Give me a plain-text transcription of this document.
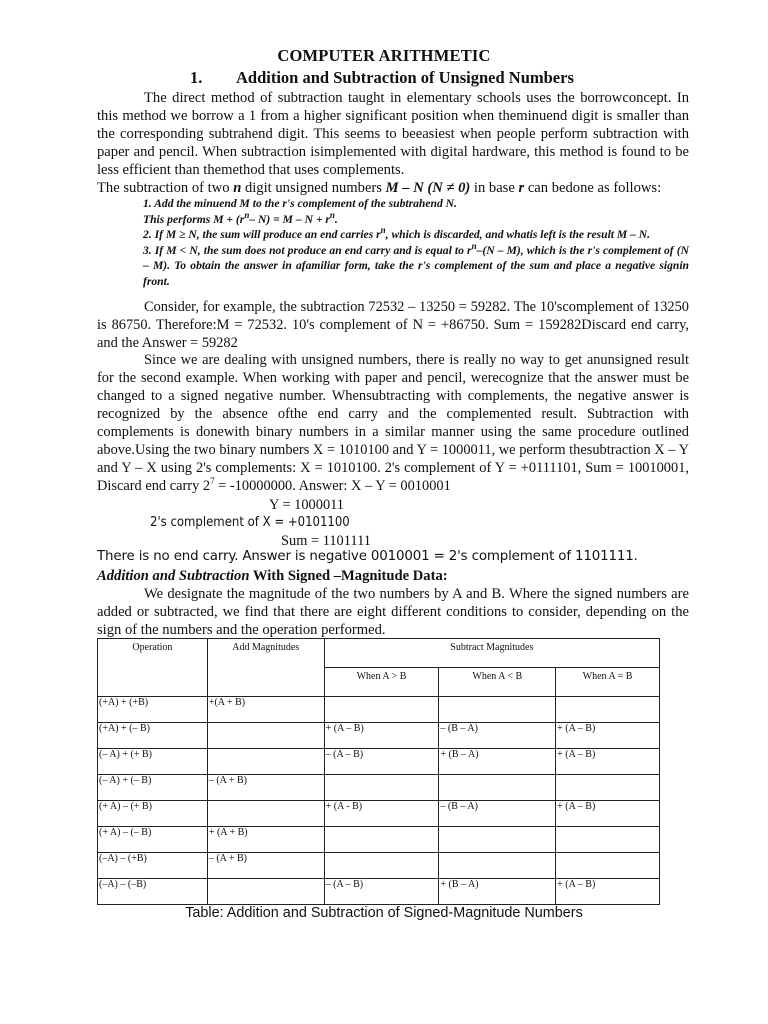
COMPUTER ARITHMETIC
1. Addition and Subtraction of Unsigned Numbers
The direct method of subtraction taught in elementary schools uses the borrowconcept. In this method we borrow a 1 from a higher significant position when theminuend digit is smaller than the corresponding subtrahend digit. This seems to beeasiest when people perform subtraction with paper and pencil. When subtraction isimplemented with digital hardware, this method is found to be less efficient than themethod that uses complements.
The subtraction of two n digit unsigned numbers M – N (N ≠ 0) in base r can bedone as follows:
1. Add the minuend M to the r's complement of the subtrahend N.
This performs $M + (r^n-$ $N) = M - N + r^n$.
2. If M ≥ N, the sum will produce an end carries $r^n$, which is discarded, and whatis left is the result M – N.
3. If M < N, the sum does not produce an end carry and is equal to $r^n-(N - M)$, which is the r's complement of (N – M). To obtain the answer in afamiliar form, take the r's complement of the sum and place a negative signin front.
Consider, for example, the subtraction 72532 – 13250 = 59282. The 10'scomplement of 13250 is 86750. Therefore:M = 72532. 10's complement of N = +86750. Sum = 159282Discard end carry, and the Answer = 59282
Since we are dealing with unsigned numbers, there is really no way to get anunsigned result for the second example. When working with paper and pencil, werecognize that the answer must be changed to a signed negative number. Whensubtracting with complements, the negative answer is recognized by the absence ofthe end carry and the complemented result. Subtraction with complements is donewith binary numbers in a similar manner using the same procedure outlined above.Using the two binary numbers X = 1010100 and Y = 1000011, we perform thesubtraction X – Y and Y – X using 2's complements: X = 1010100. 2's complement of Y = +0111101, Sum = 10010001, Discard end carry $2^7 = -10000000$. Answer: X – Y = 0010001
Y = 1000011
2's complement of X = +0101100
Sum = 1101111
There is no end carry. Answer is negative 0010001 = 2's complement of 1101111.
Addition and Subtraction With Signed –Magnitude Data:
We designate the magnitude of the two numbers by A and B. Where the signed numbers are added or subtracted, we find that there are eight different conditions to consider, depending on the sign of the numbers and the operation performed.
Operation	Add Magnitudes	Subtract Magnitudes		
		When A > B	When A < B	When A = B
(+A) + (+B)	+(A + B)			
(+A) + (– B)		+ (A – B)	– (B – A)	+ (A – B)
(– A) + (+ B)		– (A – B)	+ (B – A)	+ (A – B)
(– A) + (– B)	– (A + B)			
(+ A) – (+ B)		+ (A - B)	– (B – A)	+ (A – B)
(+ A) – (– B)	+ (A + B)			
(–A) – (+B)	– (A + B)			
(–A) – (–B)		– (A – B)	+ (B – A)	+ (A – B)
Table: Addition and Subtraction of Signed-Magnitude Numbers
